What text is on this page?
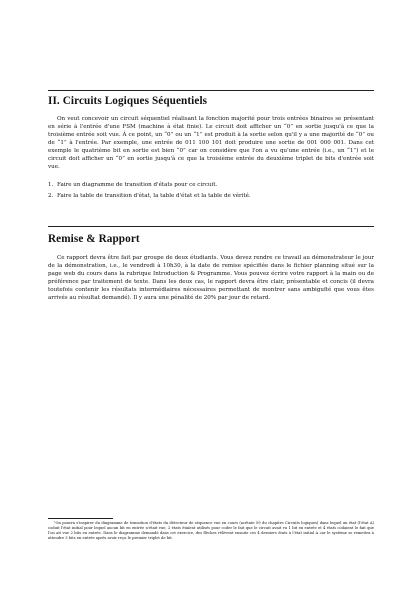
II. Circuits Logiques Séquentiels

On veut concevoir un circuit séquentiel réalisant la fonction majorité pour trois entrées binaires se présentant en série à l'entrée d'une FSM (machine à état finie). Le circuit doit afficher un “0” en sortie jusqu'à ce que la troisième entrée soit vue. À ce point, un “0” ou un “1” est produit à la sortie selon qu'il y a une majorité de “0” ou de “1” à l'entrée. Par exemple, une entrée de 011 100 101 doit produire une sortie de 001 000 001. Dans cet exemple le quatrième bit en sortie est bien “0” car on considère que l'on a vu qu'une entrée (i.e., un “1”) et le circuit doit afficher un “0” en sortie jusqu'à ce que la troisième entrée du deuxième triplet de bits d'entrée soit vue.

1. Faire un diagramme de transition d'états pour ce circuit.
2. Faire la table de transition d'état, la table d'état et la table de vérité.
Remise & Rapport

Ce rapport devra être fait par groupe de deux étudiants. Vous devez rendre ce travail au démonstrateur le jour de la démonstration, i.e., le vendredi à 10h30, à la date de remise spécifiée dans le fichier planning situé sur la page web du cours dans la rubrique Introduction & Programme. Vous pouvez écrire votre rapport à la main ou de préférence par traitement de texte. Dans les deux cas, le rapport devra être clair, présentable et concis (il devra toutefois contenir les résultats intermédiaires nécessaires permettant de montrer sans ambiguïté que vous êtes arrivés au résultat demandé). Il y aura une pénalité de 20% par jour de retard.

¹On pourra s'inspirer du diagramme de transition d'états du détecteur de séquence vue en cours (acétate 59 du chapitre Circuits logiques) dans lequel un état (l'état A) coduit l'état initial pour lequel aucun bit en entrée n'était vue, 2 états étaient utilisés pour coder le fait que le circuit avait vu 1 bit en entrée et 4 états codaient le fait que l'on ait vue 2 bits en entrée. Dans le diagramme demandé dans cet exercice, des flèches rélèvent ensuite ces 4 derniers états à l'état initial A car le système se remettra à attendre 3 bits en entrée après avoir reçu le premier triplet de bit.
